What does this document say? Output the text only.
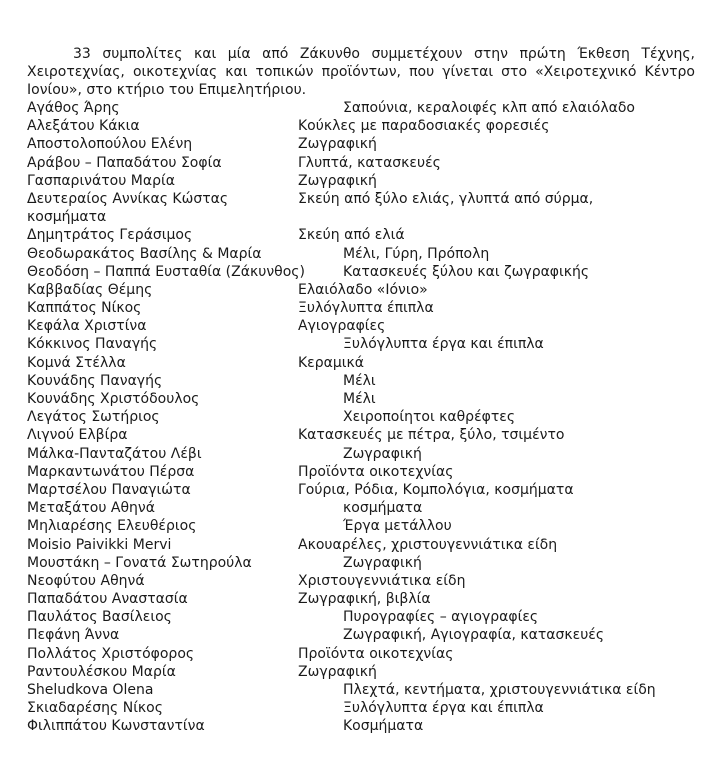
33 συμπολίτες και μία από Ζάκυνθο συμμετέχουν στην πρώτη Έκθεση Τέχνης, Χειροτεχνίας, οικοτεχνίας και τοπικών προϊόντων, που γίνεται στο «Χειροτεχνικό Κέντρο Ιονίου», στο κτήριο του Επιμελητήριου.

Αγάθος Άρης	Σαπούνια, κεραλοιφές κλπ από ελαιόλαδο
Αλεξάτου Κάκια	Κούκλες με παραδοσιακές φορεσιές
Αποστολοπούλου Ελένη	Ζωγραφική
Αράβου – Παπαδάτου Σοφία	Γλυπτά, κατασκευές
Γασπαρινάτου Μαρία	Ζωγραφική
Δευτεραίος Αννίκας Κώστας	Σκεύη από ξύλο ελιάς, γλυπτά από σύρμα, κοσμήματα
Δημητράτος Γεράσιμος	Σκεύη από ελιά
Θεοδωρακάτος Βασίλης & Μαρία	Μέλι, Γύρη, Πρόπολη
Θεοδόση – Παππά Ευσταθία (Ζάκυνθος)	Κατασκευές ξύλου και ζωγραφικής
Καββαδίας Θέμης	Ελαιόλαδο «Ιόνιο»
Καππάτος Νίκος	Ξυλόγλυπτα έπιπλα
Κεφάλα Χριστίνα	Αγιογραφίες
Κόκκινος Παναγής	Ξυλόγλυπτα έργα και έπιπλα
Κομνά Στέλλα	Κεραμικά
Κουνάδης Παναγής	Μέλι
Κουνάδης Χριστόδουλος	Μέλι
Λεγάτος Σωτήριος	Χειροποίητοι καθρέφτες
Λιγνού Ελβίρα	Κατασκευές με πέτρα, ξύλο, τσιμέντο
Μάλκα-Πανταζάτου Λέβι	Ζωγραφική
Μαρκαντωνάτου Πέρσα	Προϊόντα οικοτεχνίας
Μαρτσέλου Παναγιώτα	Γούρια, Ρόδια, Κομπολόγια, κοσμήματα
Μεταξάτου Αθηνά	κοσμήματα
Μηλιαρέσης Ελευθέριος	Έργα μετάλλου
Moisio Paivikki Mervi	Ακουαρέλες, χριστουγεννιάτικα είδη
Μουστάκη – Γονατά Σωτηρούλα	Ζωγραφική
Νεοφύτου Αθηνά	Χριστουγεννιάτικα είδη
Παπαδάτου Αναστασία	Ζωγραφική, βιβλία
Παυλάτος Βασίλειος	Πυρογραφίες – αγιογραφίες
Πεφάνη Άννα	Ζωγραφική, Αγιογραφία, κατασκευές
Πολλάτος Χριστόφορος	Προϊόντα οικοτεχνίας
Ραντουλέσκου Μαρία	Ζωγραφική
Sheludkova Olena	Πλεχτά, κεντήματα, χριστουγεννιάτικα είδη
Σκιαδαρέσης Νίκος	Ξυλόγλυπτα έργα και έπιπλα
Φιλιππάτου Κωνσταντίνα	Κοσμήματα
